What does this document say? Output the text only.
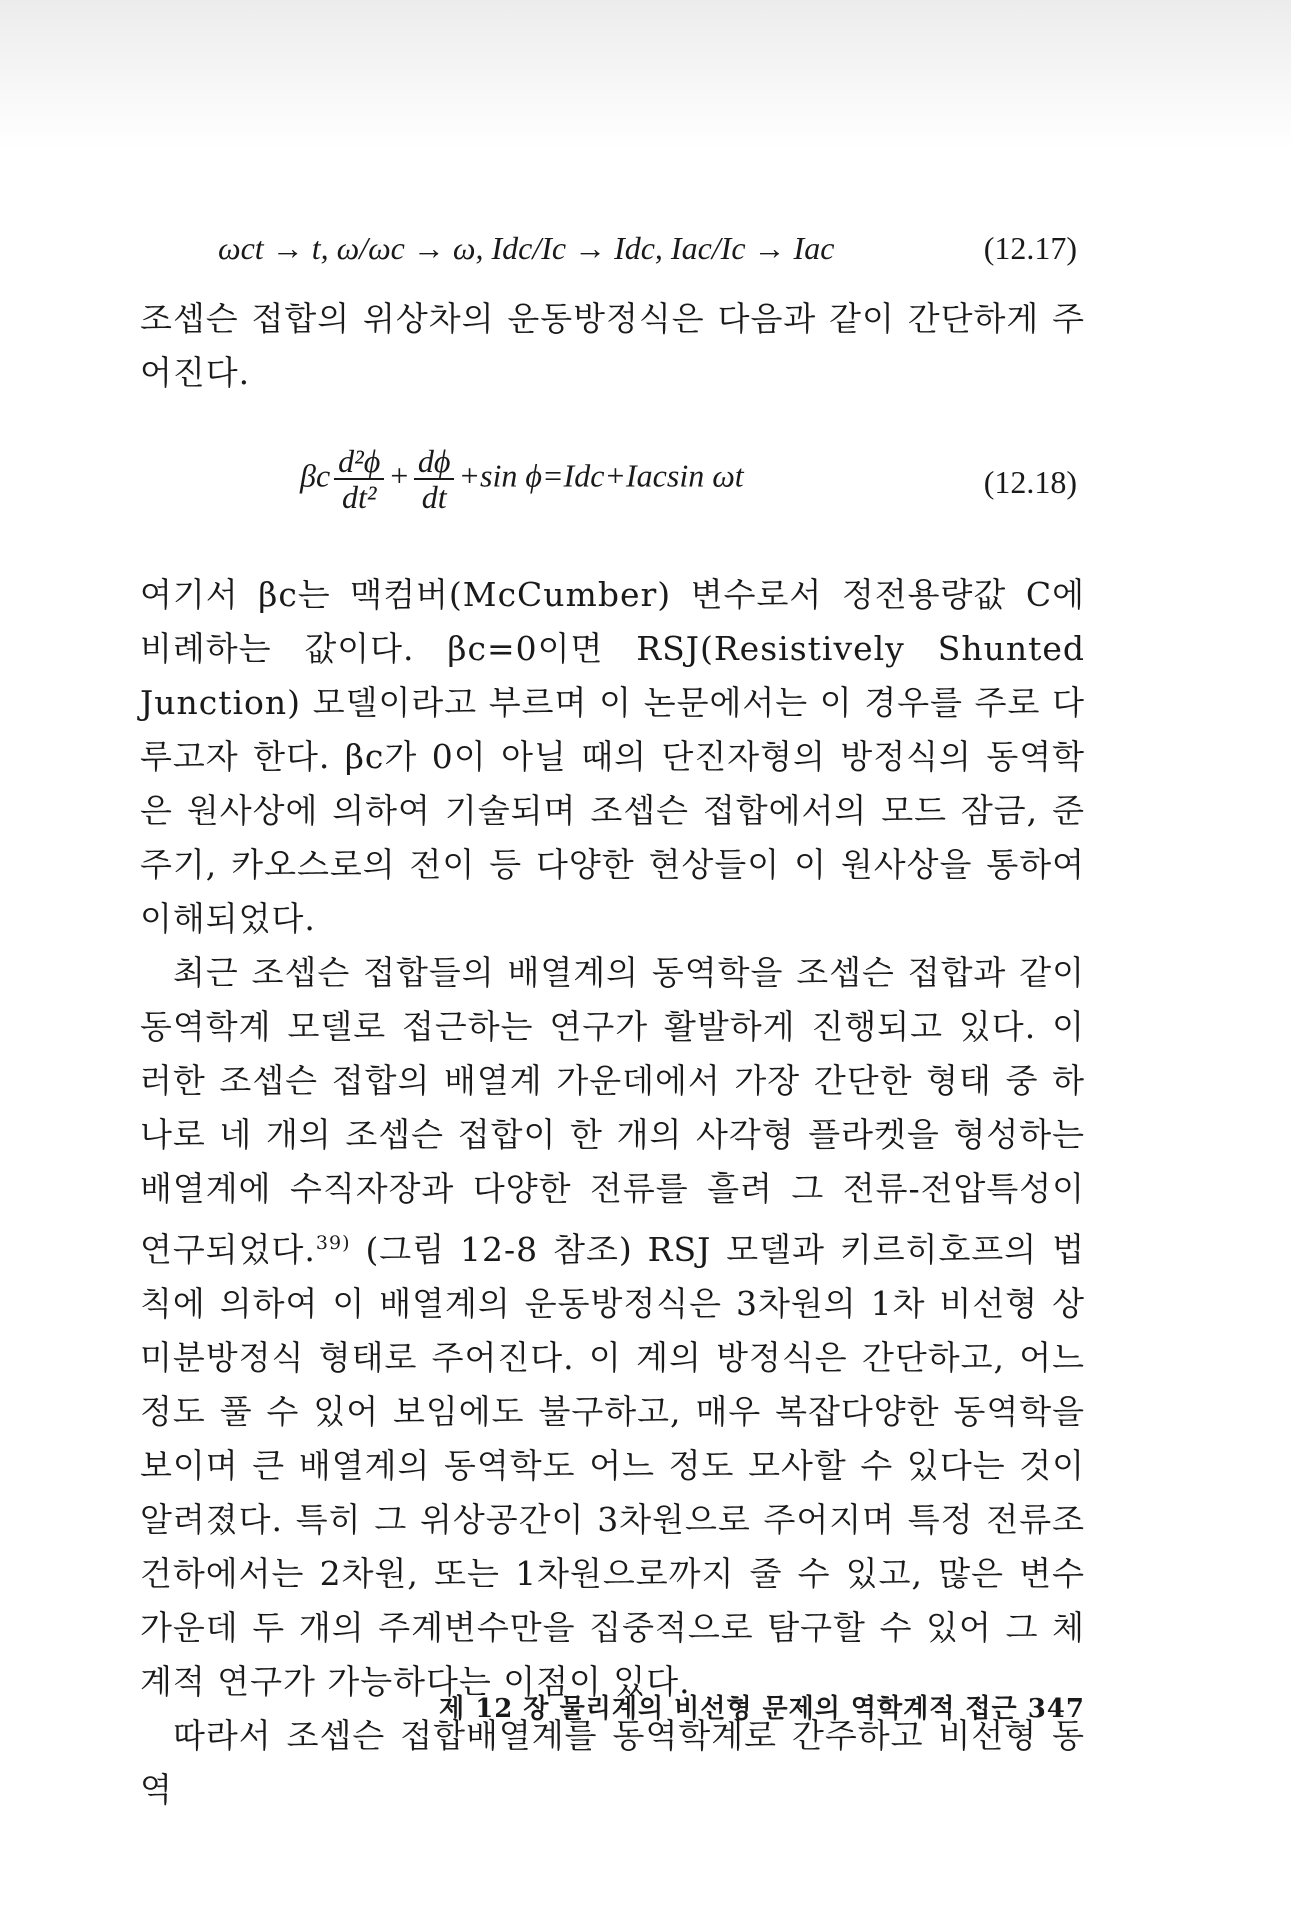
ωct → t, ω/ωc → ω, Idc/Ic → Idc, Iac/Ic → Iac	(12.17)

조셉슨 접합의 위상차의 운동방정식은 다음과 같이 간단하게 주어진다.

βc $\frac{\text{d²ϕ}}{\text{dt²}} + \frac{d\phi}{dt} +\sin$ ϕ=Idc+Iacsin ωt	(12.18)

여기서 βc는 맥컴버(McCumber) 변수로서 정전용량값 C에 비례하는 값이다. βc=0이면 RSJ(Resistively Shunted Junction) 모델이라고 부르며 이 논문에서는 이 경우를 주로 다루고자 한다. βc가 0이 아닐 때의 단진자형의 방정식의 동역학은 원사상에 의하여 기술되며 조셉슨 접합에서의 모드 잠금, 준주기, 카오스로의 전이 등 다양한 현상들이 이 원사상을 통하여 이해되었다.

최근 조셉슨 접합들의 배열계의 동역학을 조셉슨 접합과 같이 동역학계 모델로 접근하는 연구가 활발하게 진행되고 있다. 이러한 조셉슨 접합의 배열계 가운데에서 가장 간단한 형태 중 하나로 네 개의 조셉슨 접합이 한 개의 사각형 플라켓을 형성하는 배열계에 수직자장과 다양한 전류를 흘려 그 전류-전압특성이 연구되었다.$^{39)}$ (그림 12-8 참조) RSJ 모델과 키르히호프의 법칙에 의하여 이 배열계의 운동방정식은 3차원의 1차 비선형 상미분방정식 형태로 주어진다. 이 계의 방정식은 간단하고, 어느 정도 풀 수 있어 보임에도 불구하고, 매우 복잡다양한 동역학을 보이며 큰 배열계의 동역학도 어느 정도 모사할 수 있다는 것이 알려졌다. 특히 그 위상공간이 3차원으로 주어지며 특정 전류조건하에서는 2차원, 또는 1차원으로까지 줄 수 있고, 많은 변수 가운데 두 개의 주계변수만을 집중적으로 탐구할 수 있어 그 체계적 연구가 가능하다는 이점이 있다.

따라서 조셉슨 접합배열계를 동역학계로 간주하고 비선형 동역

제 12 장 물리계의 비선형 문제의 역학계적 접근 347
